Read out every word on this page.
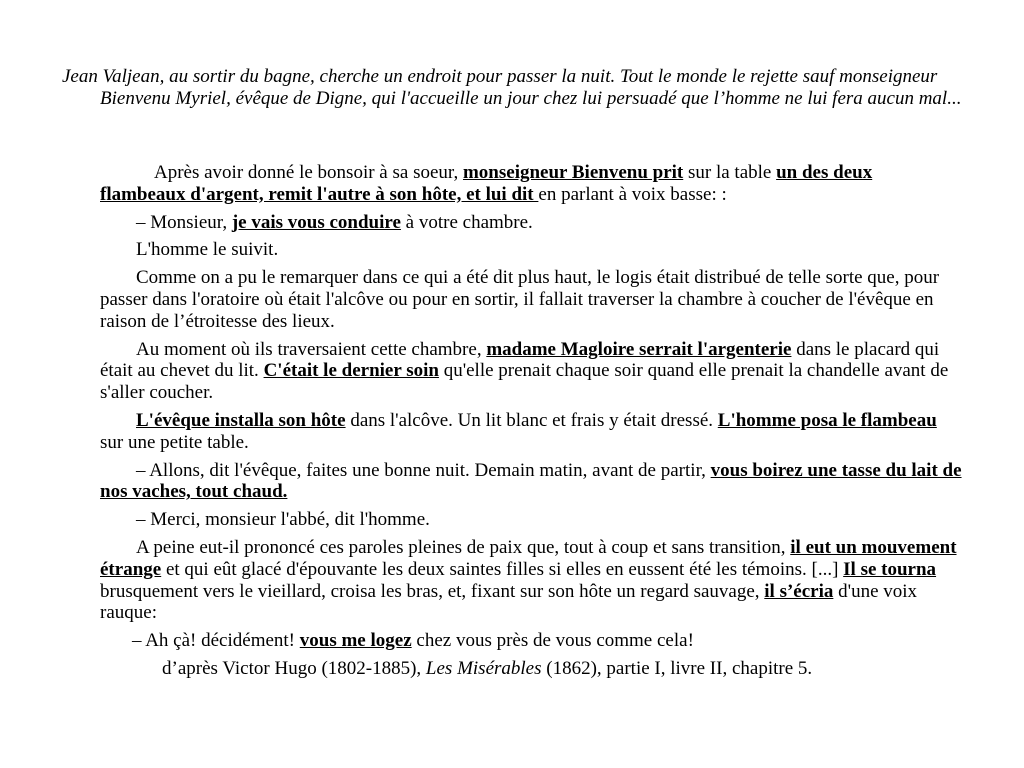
Jean Valjean, au sortir du bagne, cherche un endroit pour passer la nuit. Tout le monde le rejette sauf monseigneur Bienvenu Myriel, évêque de Digne, qui l'accueille un jour chez lui persuadé que l’homme ne lui fera aucun mal...

Après avoir donné le bonsoir à sa soeur, monseigneur Bienvenu prit sur la table un des deux flambeaux d'argent, remit l'autre à son hôte, et lui dit en parlant à voix basse: :

– Monsieur, je vais vous conduire à votre chambre.

L'homme le suivit.

Comme on a pu le remarquer dans ce qui a été dit plus haut, le logis était distribué de telle sorte que, pour passer dans l'oratoire où était l'alcôve ou pour en sortir, il fallait traverser la chambre à coucher de l'évêque en raison de l’étroitesse des lieux.

Au moment où ils traversaient cette chambre, madame Magloire serrait l'argenterie dans le placard qui était au chevet du lit. C'était le dernier soin qu'elle prenait chaque soir quand elle prenait la chandelle avant de s'aller coucher.

L'évêque installa son hôte dans l'alcôve. Un lit blanc et frais y était dressé. L'homme posa le flambeau sur une petite table.

– Allons, dit l'évêque, faites une bonne nuit. Demain matin, avant de partir, vous boirez une tasse du lait de nos vaches, tout chaud.

– Merci, monsieur l'abbé, dit l'homme.

A peine eut-il prononcé ces paroles pleines de paix que, tout à coup et sans transition, il eut un mouvement étrange et qui eût glacé d'épouvante les deux saintes filles si elles en eussent été les témoins. [...] Il se tourna brusquement vers le vieillard, croisa les bras, et, fixant sur son hôte un regard sauvage, il s’écria d'une voix rauque:

– Ah çà! décidément! vous me logez chez vous près de vous comme cela!

d’après Victor Hugo (1802-1885), Les Misérables (1862), partie I, livre II, chapitre 5.
